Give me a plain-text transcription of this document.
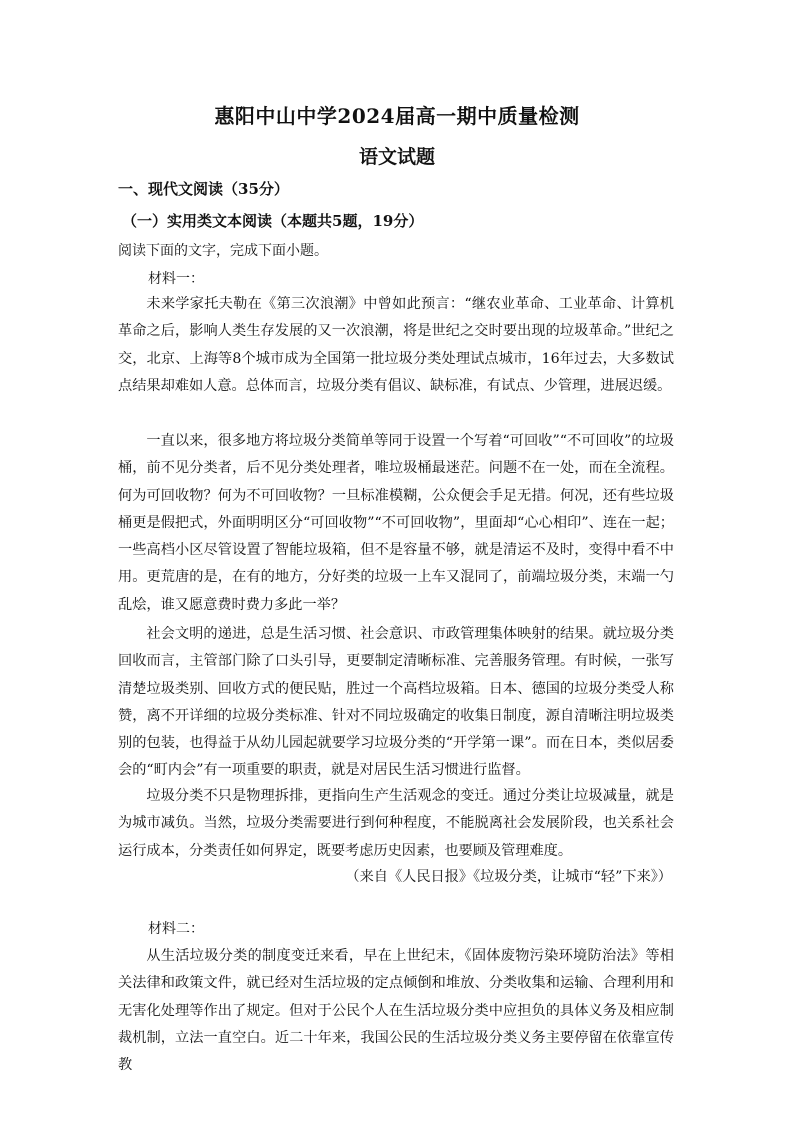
惠阳中山中学2024届高一期中质量检测
语文试题
一、现代文阅读（35分）
（一）实用类文本阅读（本题共5题，19分）
阅读下面的文字，完成下面小题。
材料一：

未来学家托夫勒在《第三次浪潮》中曾如此预言：“继农业革命、工业革命、计算机革命之后，影响人类生存发展的又一次浪潮，将是世纪之交时要出现的垃圾革命。”世纪之交，北京、上海等8个城市成为全国第一批垃圾分类处理试点城市，16年过去，大多数试点结果却难如人意。总体而言，垃圾分类有倡议、缺标准，有试点、少管理，进展迟缓。

一直以来，很多地方将垃圾分类简单等同于设置一个写着“可回收”“不可回收”的垃圾桶，前不见分类者，后不见分类处理者，唯垃圾桶最迷茫。问题不在一处，而在全流程。何为可回收物？何为不可回收物？一旦标准模糊，公众便会手足无措。何况，还有些垃圾桶更是假把式，外面明明区分“可回收物”“不可回收物”，里面却“心心相印”、连在一起；一些高档小区尽管设置了智能垃圾箱，但不是容量不够，就是清运不及时，变得中看不中用。更荒唐的是，在有的地方，分好类的垃圾一上车又混同了，前端垃圾分类，末端一勺乱烩，谁又愿意费时费力多此一举？

社会文明的递进，总是生活习惯、社会意识、市政管理集体映射的结果。就垃圾分类回收而言，主管部门除了口头引导，更要制定清晰标准、完善服务管理。有时候，一张写清楚垃圾类别、回收方式的便民贴，胜过一个高档垃圾箱。日本、德国的垃圾分类受人称赞，离不开详细的垃圾分类标准、针对不同垃圾确定的收集日制度，源自清晰注明垃圾类别的包装，也得益于从幼儿园起就要学习垃圾分类的“开学第一课”。而在日本，类似居委会的“町内会”有一项重要的职责，就是对居民生活习惯进行监督。

垃圾分类不只是物理拆排，更指向生产生活观念的变迁。通过分类让垃圾减量，就是为城市减负。当然，垃圾分类需要进行到何种程度，不能脱离社会发展阶段，也关系社会运行成本，分类责任如何界定，既要考虑历史因素，也要顾及管理难度。

（来自《人民日报》《垃圾分类，让城市“轻”下来》）
材料二：

从生活垃圾分类的制度变迁来看，早在上世纪末，《固体废物污染环境防治法》等相关法律和政策文件，就已经对生活垃圾的定点倾倒和堆放、分类收集和运输、合理利用和无害化处理等作出了规定。但对于公民个人在生活垃圾分类中应担负的具体义务及相应制裁机制，立法一直空白。近二十年来，我国公民的生活垃圾分类义务主要停留在依靠宣传教
